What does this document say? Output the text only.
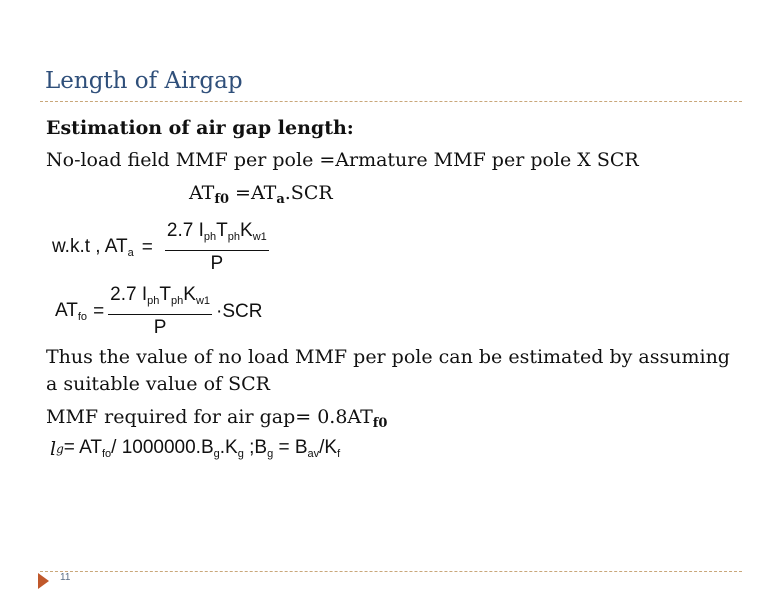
Length of Airgap
Estimation of air gap length:
No-load field MMF per pole =Armature MMF per pole X SCR
$AT_{f0} =AT_a.SCR$
w.k.t , $AT_a = \frac{2.7 I_{ph}T_{ph}K_{w1}}{P}$
$AT_{fo} = \frac{2.7 I_{ph}T_{ph}K_{w1}}{P} \cdot SCR$
Thus the value of no load MMF per pole can be estimated by assuming
a suitable value of SCR
MMF required for air $gap= 0.8AT_{f0}$
l $g = AT_{fo}/$ $1000000.B_g.K_g$ $;B_g = B_{av}/K_f$
11
